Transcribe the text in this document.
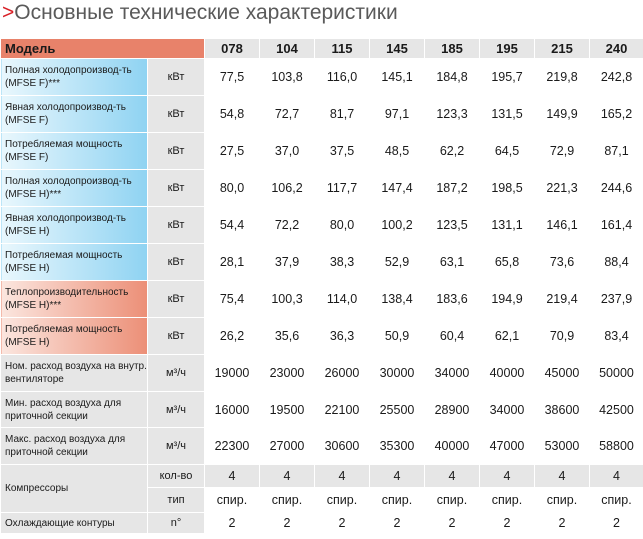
>Основные технические характеристики
delta t group
Модель		078	104	115	145	185	195	215	240
Полная холодопроизвод-ть (MFSE F)***	кВт	77,5	103,8	116,0	145,1	184,8	195,7	219,8	242,8
Явная холодопроизвод-ть (MFSE F)	кВт	54,8	72,7	81,7	97,1	123,3	131,5	149,9	165,2
Потребляемая мощность (MFSE F)	кВт	27,5	37,0	37,5	48,5	62,2	64,5	72,9	87,1
Полная холодопроизвод-ть (MFSE H)***	кВт	80,0	106,2	117,7	147,4	187,2	198,5	221,3	244,6
Явная холодопроизвод-ть (MFSE H)	кВт	54,4	72,2	80,0	100,2	123,5	131,1	146,1	161,4
Потребляемая мощность (MFSE H)	кВт	28,1	37,9	38,3	52,9	63,1	65,8	73,6	88,4
Теплопроизводительность (MFSE H)***	кВт	75,4	100,3	114,0	138,4	183,6	194,9	219,4	237,9
Потребляемая мощность (MFSE H)	кВт	26,2	35,6	36,3	50,9	60,4	62,1	70,9	83,4
Ном. расход воздуха на внутр. вентиляторе	м³/ч	19000	23000	26000	30000	34000	40000	45000	50000
Мин. расход воздуха для приточной секции	м³/ч	16000	19500	22100	25500	28900	34000	38600	42500
Макс. расход воздуха для приточной секции	м³/ч	22300	27000	30600	35300	40000	47000	53000	58800
Компрессоры	кол-во	4	4	4	4	4	4	4	4
	тип	спир.	спир.	спир.	спир.	спир.	спир.	спир.	спир.
Охлаждающие контуры	n°	2	2	2	2	2	2	2	2
